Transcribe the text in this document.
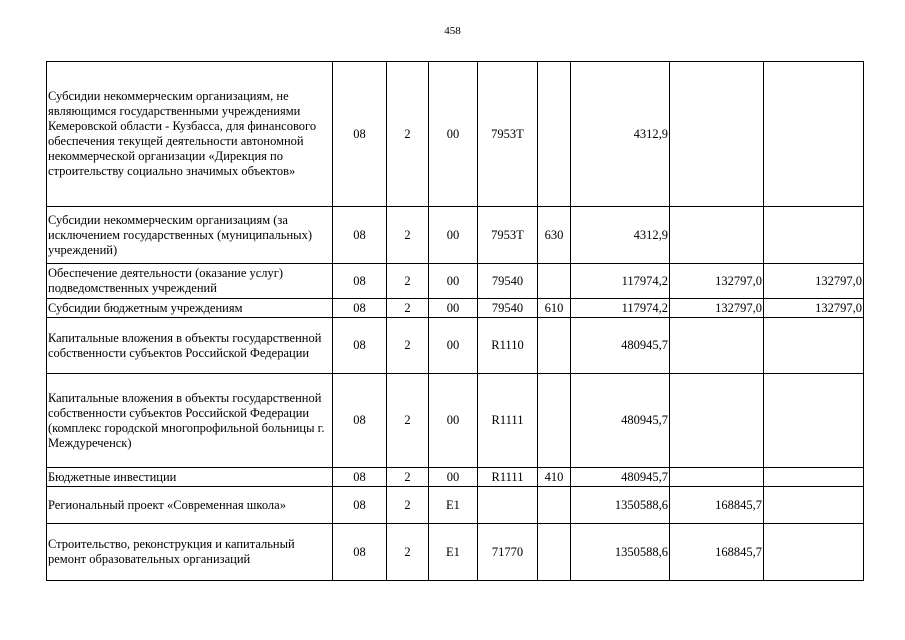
458
Субсидии некоммерческим организациям, не являющимся государственными учреждениями Кемеровской области - Кузбасса, для финансового обеспечения текущей деятельности автономной некоммерческой организации «Дирекция по строительству социально значимых объектов»	08	2	00	7953T		4312,9		
Субсидии некоммерческим организациям (за исключением государственных (муниципальных) учреждений)	08	2	00	7953T	630	4312,9		
Обеспечение деятельности (оказание услуг) подведомственных учреждений	08	2	00	79540		117974,2	132797,0	132797,0
Субсидии бюджетным учреждениям	08	2	00	79540	610	117974,2	132797,0	132797,0
Капитальные вложения в объекты государственной собственности субъектов Российской Федерации	08	2	00	R1110		480945,7		
Капитальные вложения в объекты государственной собственности субъектов Российской Федерации (комплекс городской многопрофильной больницы г. Междуреченск)	08	2	00	R1111		480945,7		
Бюджетные инвестиции	08	2	00	R1111	410	480945,7		
Региональный проект «Современная школа»	08	2	E1			1350588,6	168845,7	
Строительство, реконструкция и капитальный ремонт образовательных организаций	08	2	E1	71770		1350588,6	168845,7	
